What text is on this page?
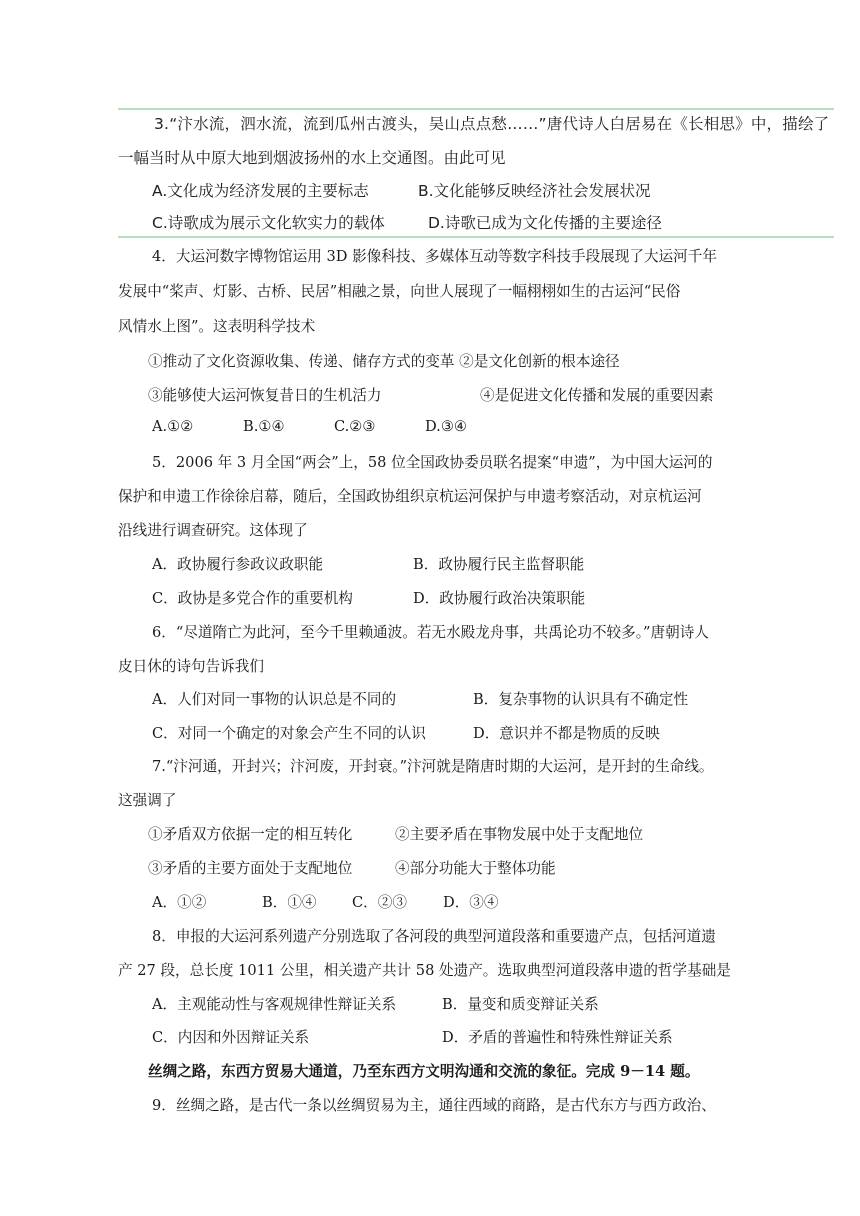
3.“汴水流，泗水流，流到瓜州古渡头，吴山点点愁……”唐代诗人白居易在《长相思》中，描绘了
一幅当时从中原大地到烟波扬州的水上交通图。由此可见
A.文化成为经济发展的主要标志	B.文化能够反映经济社会发展状况
C.诗歌成为展示文化软实力的载体	D.诗歌已成为文化传播的主要途径
4．大运河数字博物馆运用 3D 影像科技、多媒体互动等数字科技手段展现了大运河千年
发展中“桨声、灯影、古桥、民居”相融之景，向世人展现了一幅栩栩如生的古运河“民俗
风情水上图”。这表明科学技术
①推动了文化资源收集、传递、储存方式的变革 ②是文化创新的根本途径
③能够使大运河恢复昔日的生机活力	④是促进文化传播和发展的重要因素
A.①②	B.①④	C.②③	D.③④
5．2006 年 3 月全国“两会”上，58 位全国政协委员联名提案“申遗”，为中国大运河的
保护和申遗工作徐徐启幕，随后，全国政协组织京杭运河保护与申遗考察活动，对京杭运河
沿线进行调查研究。这体现了
A．政协履行参政议政职能	B．政协履行民主监督职能
C．政协是多党合作的重要机构	D．政协履行政治决策职能
6．“尽道隋亡为此河，至今千里赖通波。若无水殿龙舟事，共禹论功不较多。”唐朝诗人
皮日休的诗句告诉我们
A．人们对同一事物的认识总是不同的	B．复杂事物的认识具有不确定性
C．对同一个确定的对象会产生不同的认识	D．意识并不都是物质的反映
7.“汴河通，开封兴；汴河废，开封衰。”汴河就是隋唐时期的大运河，是开封的生命线。
这强调了
①矛盾双方依据一定的相互转化	②主要矛盾在事物发展中处于支配地位
③矛盾的主要方面处于支配地位	④部分功能大于整体功能
A．①②	B．①④ C．②③ D．③④
8．申报的大运河系列遗产分别选取了各河段的典型河道段落和重要遗产点，包括河道遗
产 27 段，总长度 1011 公里，相关遗产共计 58 处遗产。选取典型河道段落申遗的哲学基础是
A．主观能动性与客观规律性辩证关系	B．量变和质变辩证关系
C．内因和外因辩证关系	D．矛盾的普遍性和特殊性辩证关系
丝绸之路，东西方贸易大通道，乃至东西方文明沟通和交流的象征。完成 9－14 题。
9．丝绸之路，是古代一条以丝绸贸易为主，通往西域的商路，是古代东方与西方政治、
